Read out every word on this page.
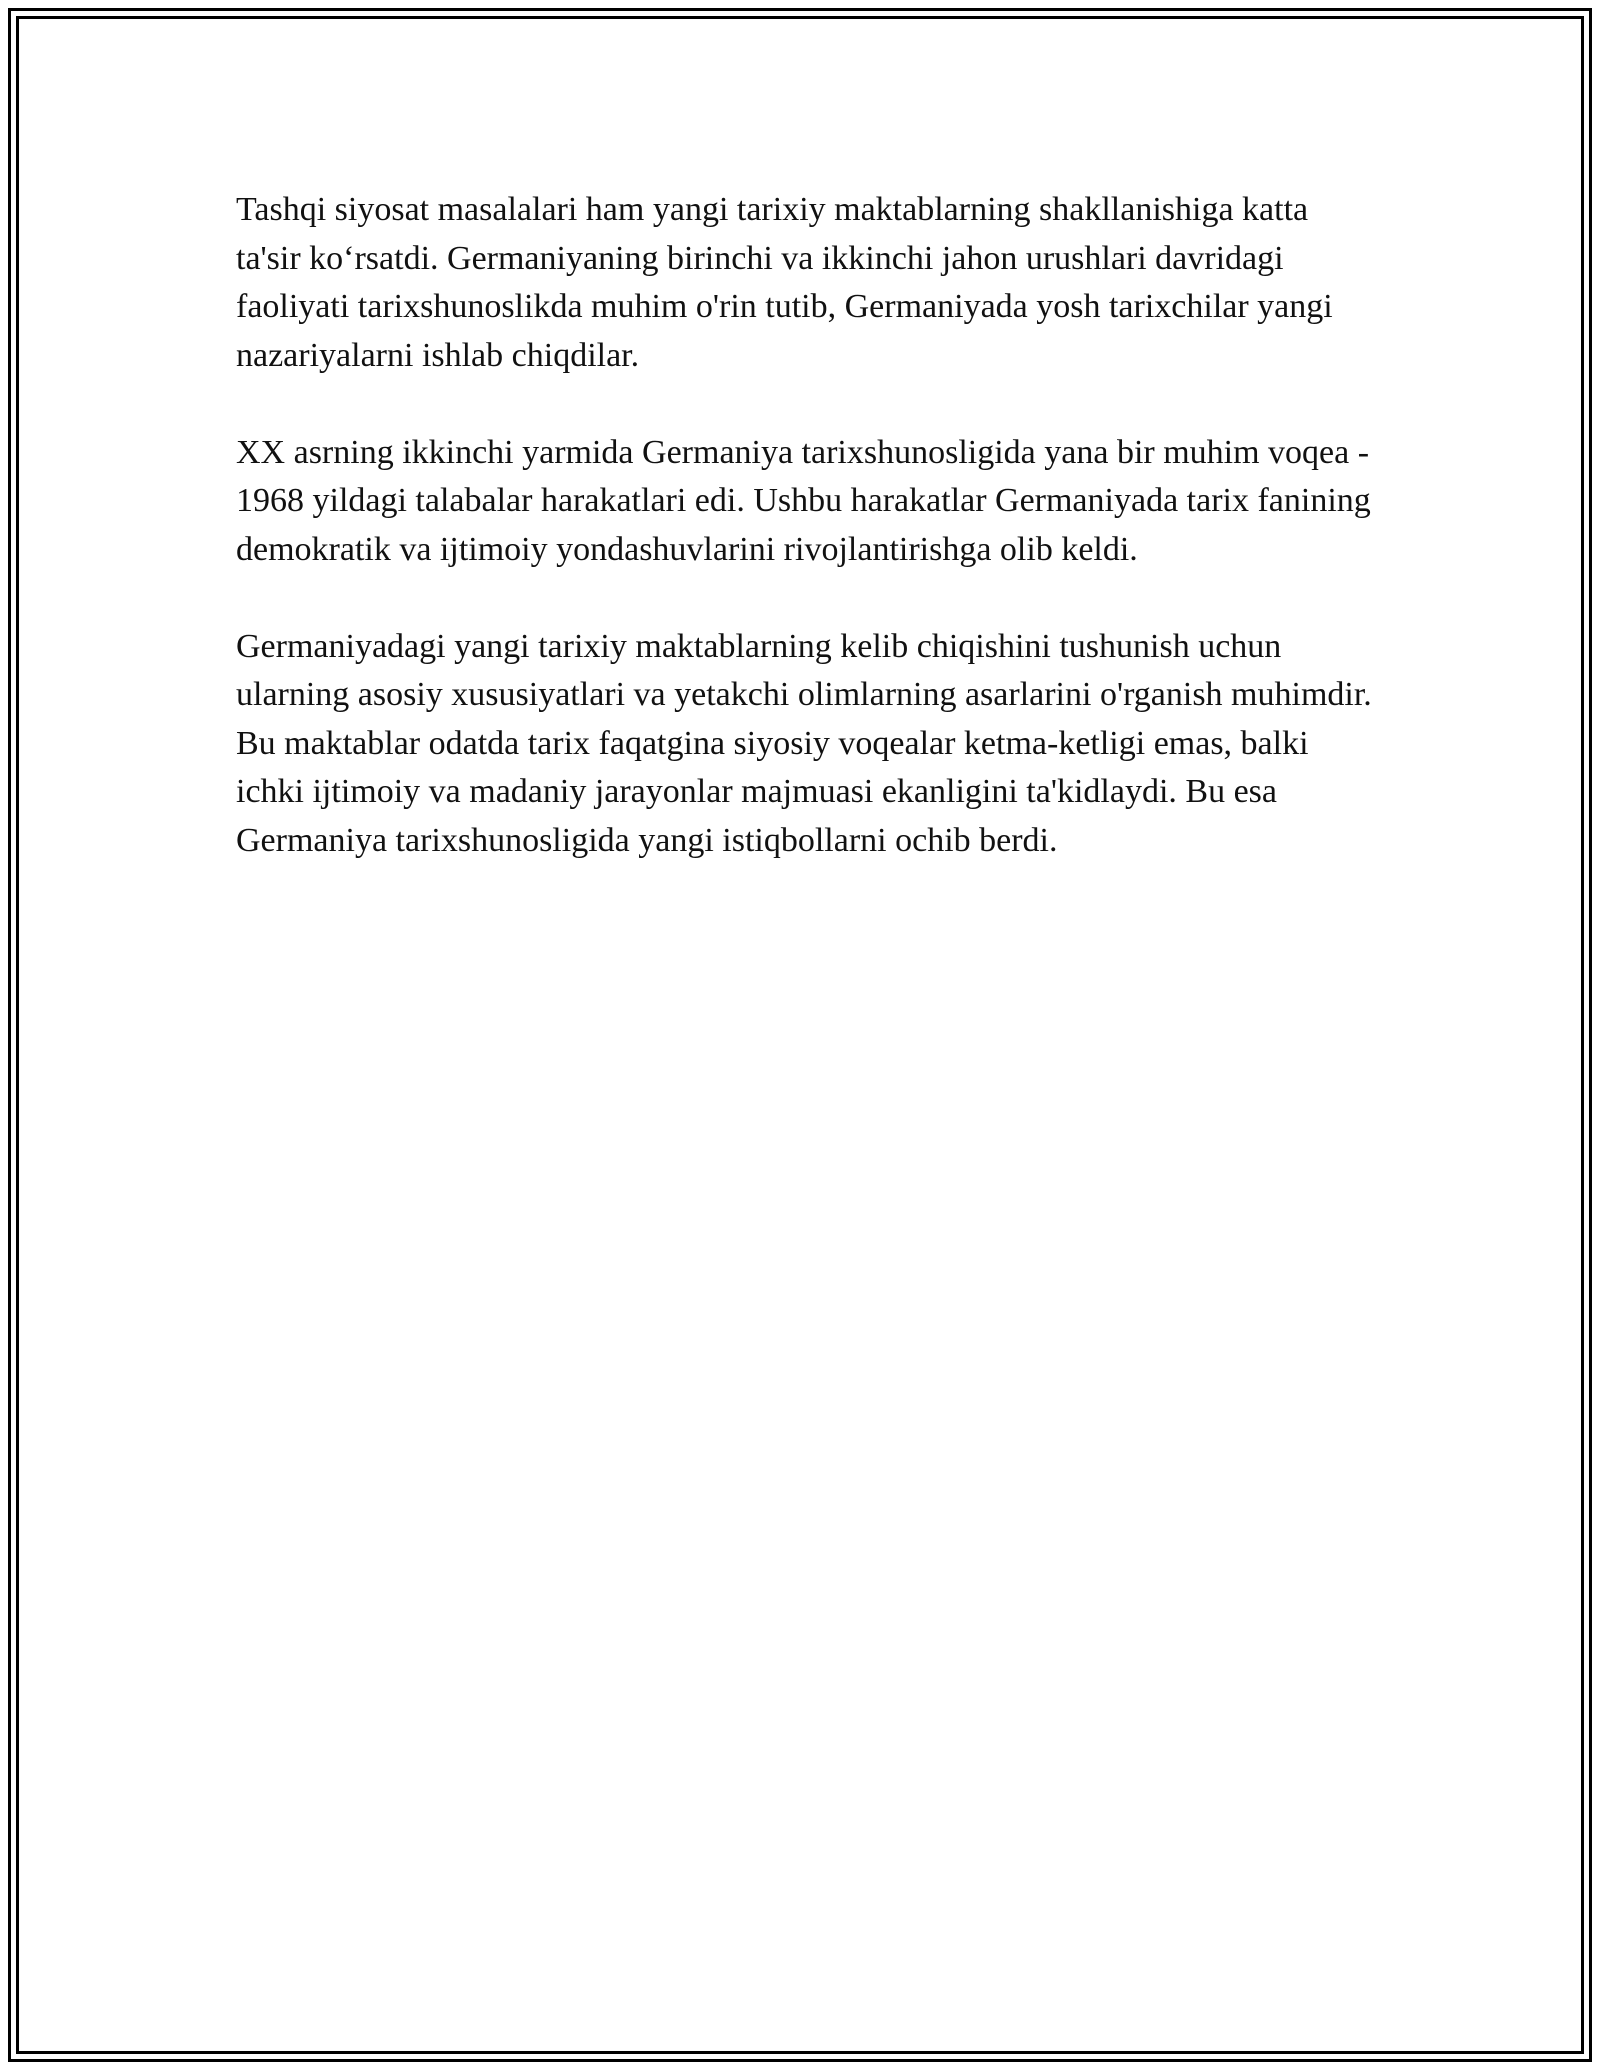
Tashqi siyosat masalalari ham yangi tarixiy maktablarning shakllanishiga katta ta'sir koʻrsatdi. Germaniyaning birinchi va ikkinchi jahon urushlari davridagi faoliyati tarixshunoslikda muhim o'rin tutib, Germaniyada yosh tarixchilar yangi nazariyalarni ishlab chiqdilar.

XX asrning ikkinchi yarmida Germaniya tarixshunosligida yana bir muhim voqea - 1968 yildagi talabalar harakatlari edi. Ushbu harakatlar Germaniyada tarix fanining demokratik va ijtimoiy yondashuvlarini rivojlantirishga olib keldi.

Germaniyadagi yangi tarixiy maktablarning kelib chiqishini tushunish uchun ularning asosiy xususiyatlari va yetakchi olimlarning asarlarini o'rganish muhimdir. Bu maktablar odatda tarix faqatgina siyosiy voqealar ketma-ketligi emas, balki ichki ijtimoiy va madaniy jarayonlar majmuasi ekanligini ta'kidlaydi. Bu esa Germaniya tarixshunosligida yangi istiqbollarni ochib berdi.
